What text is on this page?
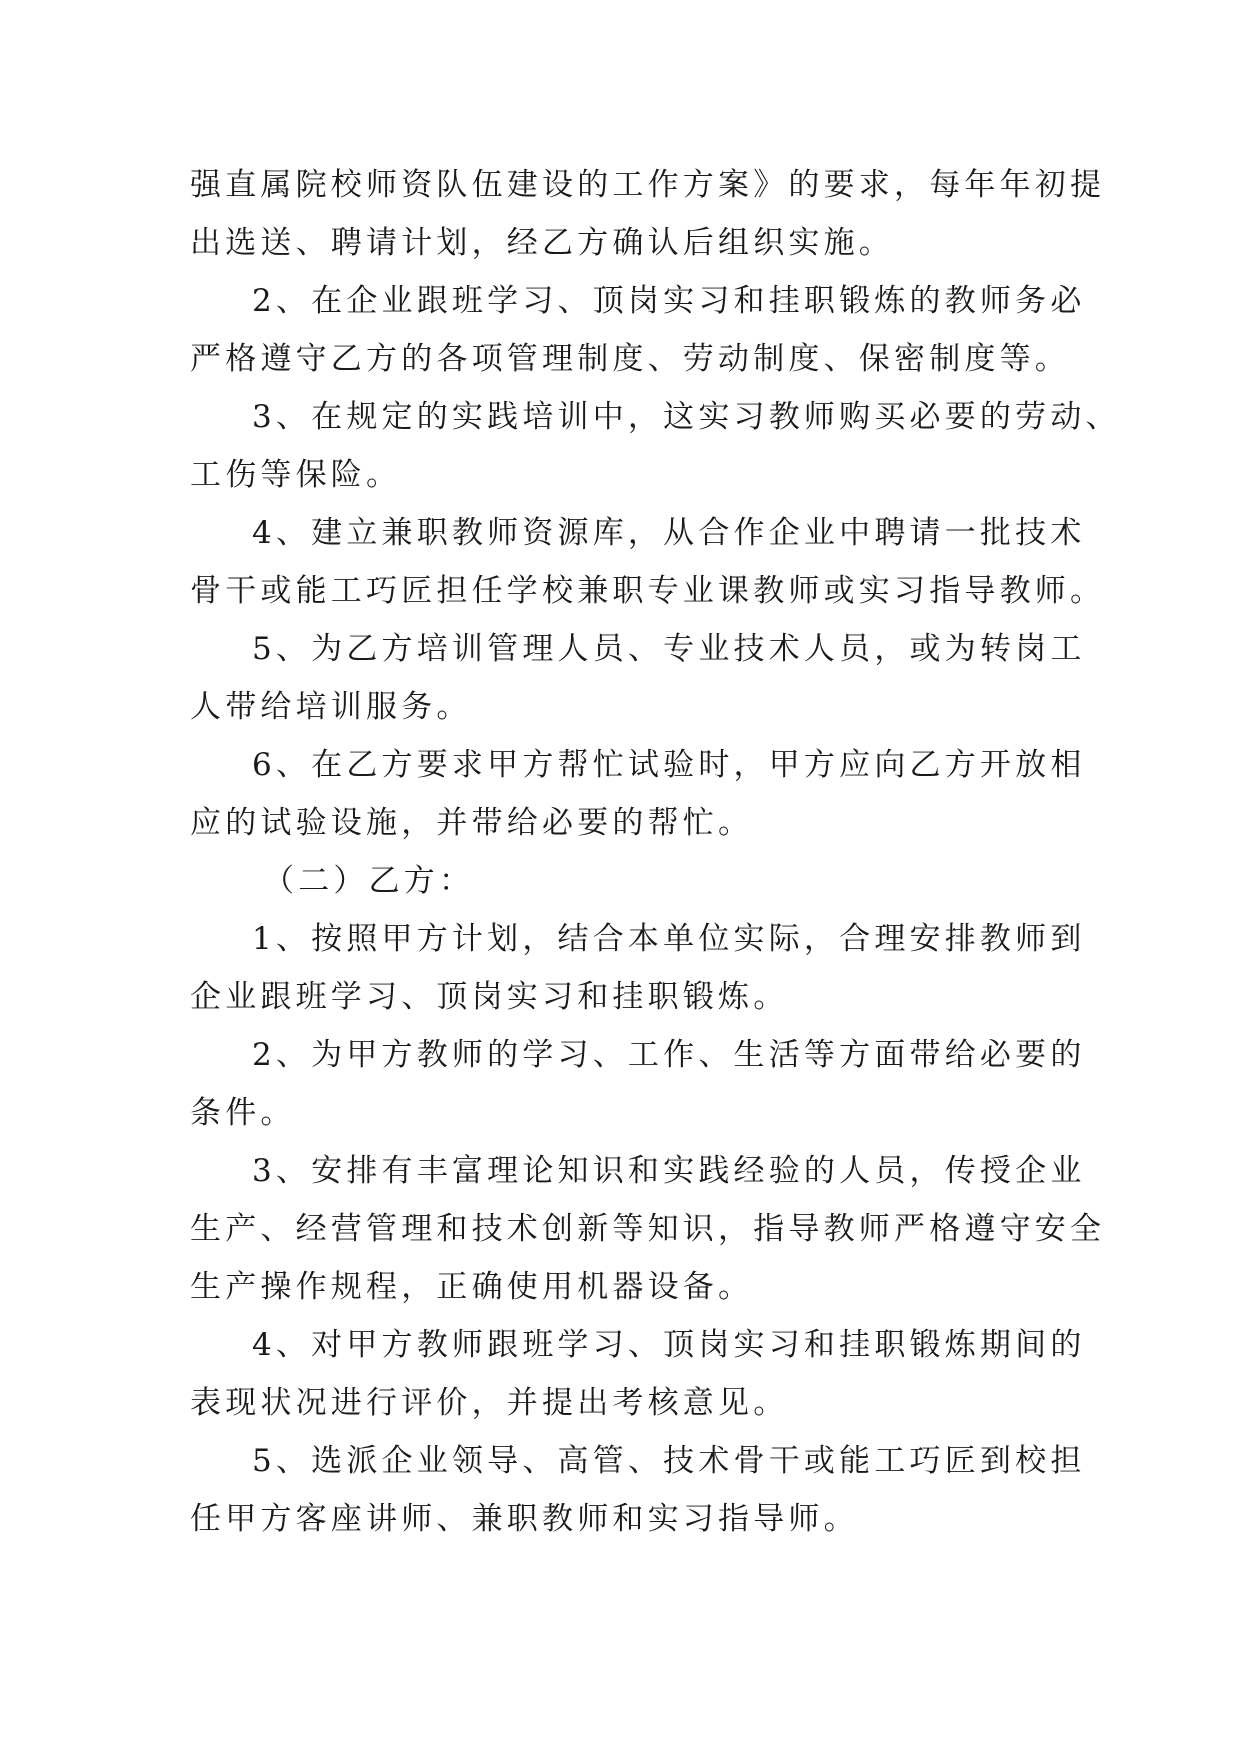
强直属院校师资队伍建设的工作方案》的要求，每年年初提
出选送、聘请计划，经乙方确认后组织实施。
2、在企业跟班学习、顶岗实习和挂职锻炼的教师务必
严格遵守乙方的各项管理制度、劳动制度、保密制度等。
3、在规定的实践培训中，这实习教师购买必要的劳动、
工伤等保险。
4、建立兼职教师资源库，从合作企业中聘请一批技术
骨干或能工巧匠担任学校兼职专业课教师或实习指导教师。
5、为乙方培训管理人员、专业技术人员，或为转岗工
人带给培训服务。
6、在乙方要求甲方帮忙试验时，甲方应向乙方开放相
应的试验设施，并带给必要的帮忙。
（二）乙方：
1、按照甲方计划，结合本单位实际，合理安排教师到
企业跟班学习、顶岗实习和挂职锻炼。
2、为甲方教师的学习、工作、生活等方面带给必要的
条件。
3、安排有丰富理论知识和实践经验的人员，传授企业
生产、经营管理和技术创新等知识，指导教师严格遵守安全
生产操作规程，正确使用机器设备。
4、对甲方教师跟班学习、顶岗实习和挂职锻炼期间的
表现状况进行评价，并提出考核意见。
5、选派企业领导、高管、技术骨干或能工巧匠到校担
任甲方客座讲师、兼职教师和实习指导师。
